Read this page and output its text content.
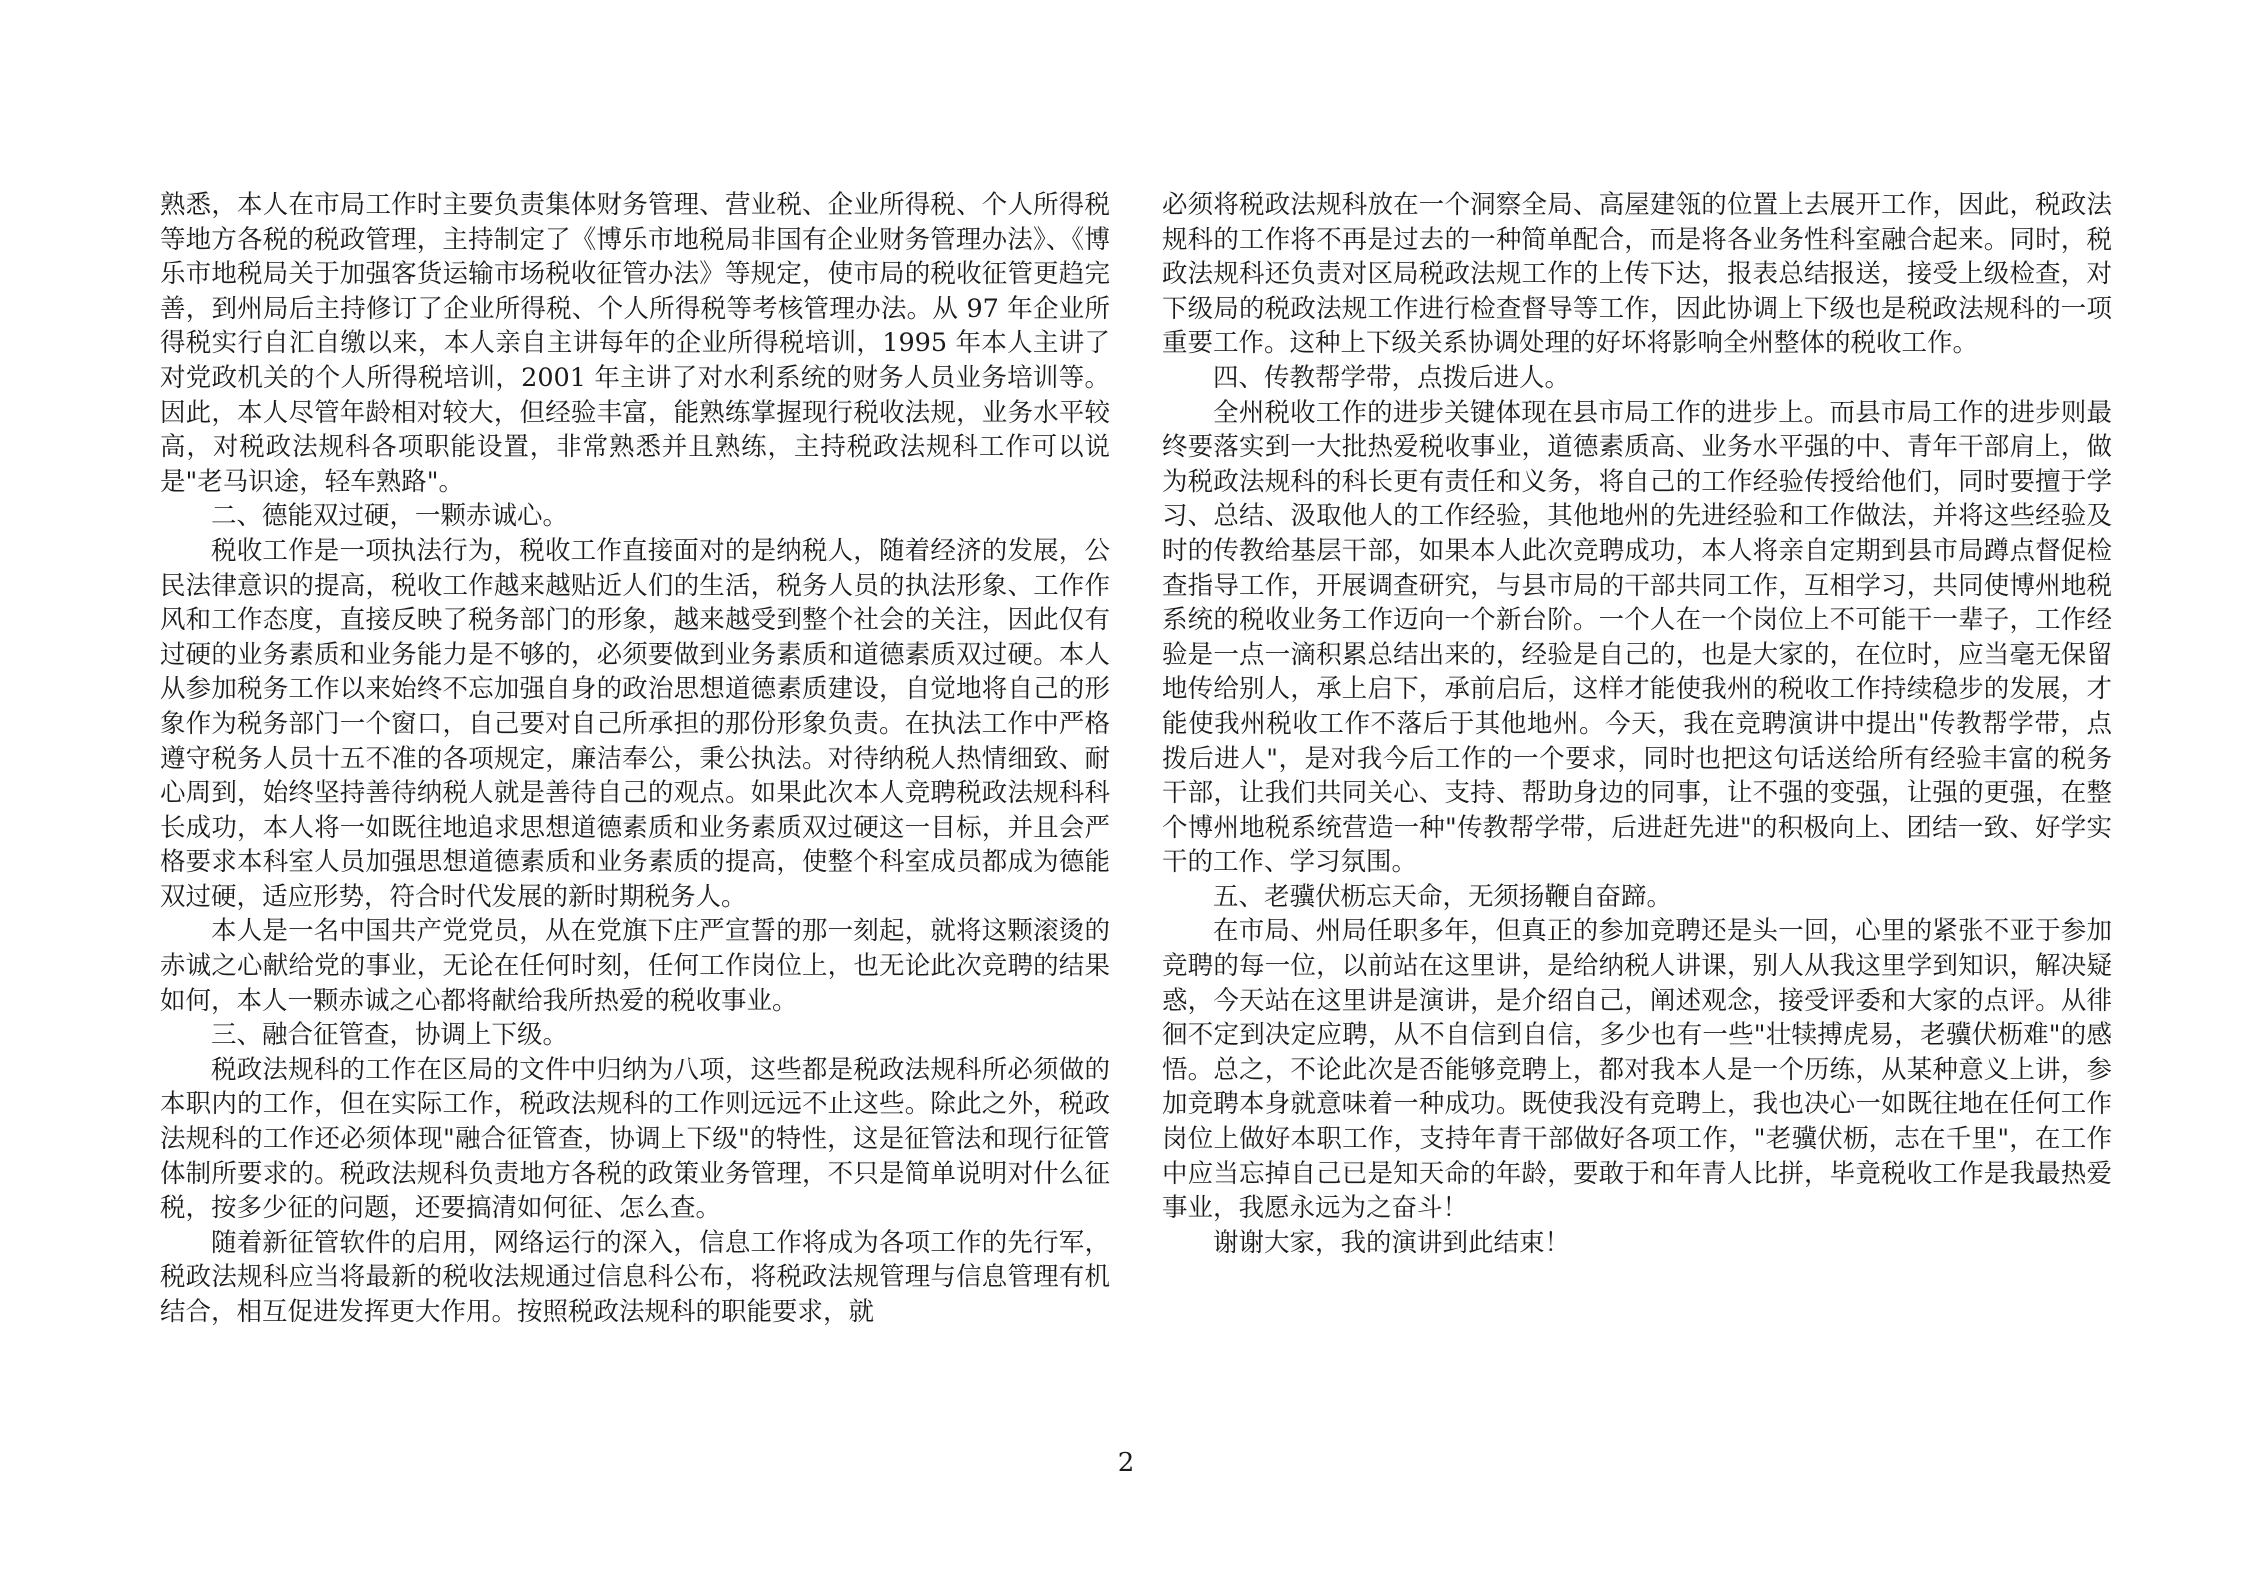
熟悉，本人在市局工作时主要负责集体财务管理、营业税、企业所得税、个人所得税等地方各税的税政管理，主持制定了《博乐市地税局非国有企业财务管理办法》、《博乐市地税局关于加强客货运输市场税收征管办法》等规定，使市局的税收征管更趋完善，到州局后主持修订了企业所得税、个人所得税等考核管理办法。从 97 年企业所得税实行自汇自缴以来，本人亲自主讲每年的企业所得税培训，1995 年本人主讲了对党政机关的个人所得税培训，2001 年主讲了对水利系统的财务人员业务培训等。因此，本人尽管年龄相对较大，但经验丰富，能熟练掌握现行税收法规，业务水平较高，对税政法规科各项职能设置，非常熟悉并且熟练，主持税政法规科工作可以说是"老马识途，轻车熟路"。

二、德能双过硬，一颗赤诚心。

税收工作是一项执法行为，税收工作直接面对的是纳税人，随着经济的发展，公民法律意识的提高，税收工作越来越贴近人们的生活，税务人员的执法形象、工作作风和工作态度，直接反映了税务部门的形象，越来越受到整个社会的关注，因此仅有过硬的业务素质和业务能力是不够的，必须要做到业务素质和道德素质双过硬。本人从参加税务工作以来始终不忘加强自身的政治思想道德素质建设，自觉地将自己的形象作为税务部门一个窗口，自己要对自己所承担的那份形象负责。在执法工作中严格遵守税务人员十五不准的各项规定，廉洁奉公，秉公执法。对待纳税人热情细致、耐心周到，始终坚持善待纳税人就是善待自己的观点。如果此次本人竞聘税政法规科科长成功，本人将一如既往地追求思想道德素质和业务素质双过硬这一目标，并且会严格要求本科室人员加强思想道德素质和业务素质的提高，使整个科室成员都成为德能双过硬，适应形势，符合时代发展的新时期税务人。

本人是一名中国共产党党员，从在党旗下庄严宣誓的那一刻起，就将这颗滚烫的赤诚之心献给党的事业，无论在任何时刻，任何工作岗位上，也无论此次竞聘的结果如何，本人一颗赤诚之心都将献给我所热爱的税收事业。

三、融合征管查，协调上下级。

税政法规科的工作在区局的文件中归纳为八项，这些都是税政法规科所必须做的本职内的工作，但在实际工作，税政法规科的工作则远远不止这些。除此之外，税政法规科的工作还必须体现"融合征管查，协调上下级"的特性，这是征管法和现行征管体制所要求的。税政法规科负责地方各税的政策业务管理，不只是简单说明对什么征税，按多少征的问题，还要搞清如何征、怎么查。

随着新征管软件的启用，网络运行的深入，信息工作将成为各项工作的先行军，税政法规科应当将最新的税收法规通过信息科公布，将税政法规管理与信息管理有机结合，相互促进发挥更大作用。按照税政法规科的职能要求，就

必须将税政法规科放在一个洞察全局、高屋建瓴的位置上去展开工作，因此，税政法规科的工作将不再是过去的一种简单配合，而是将各业务性科室融合起来。同时，税政法规科还负责对区局税政法规工作的上传下达，报表总结报送，接受上级检查，对下级局的税政法规工作进行检查督导等工作，因此协调上下级也是税政法规科的一项重要工作。这种上下级关系协调处理的好坏将影响全州整体的税收工作。

四、传教帮学带，点拨后进人。

全州税收工作的进步关键体现在县市局工作的进步上。而县市局工作的进步则最终要落实到一大批热爱税收事业，道德素质高、业务水平强的中、青年干部肩上，做为税政法规科的科长更有责任和义务，将自己的工作经验传授给他们，同时要擅于学习、总结、汲取他人的工作经验，其他地州的先进经验和工作做法，并将这些经验及时的传教给基层干部，如果本人此次竞聘成功，本人将亲自定期到县市局蹲点督促检查指导工作，开展调查研究，与县市局的干部共同工作，互相学习，共同使博州地税系统的税收业务工作迈向一个新台阶。一个人在一个岗位上不可能干一辈子，工作经验是一点一滴积累总结出来的，经验是自己的，也是大家的，在位时，应当毫无保留地传给别人，承上启下，承前启后，这样才能使我州的税收工作持续稳步的发展，才能使我州税收工作不落后于其他地州。今天，我在竞聘演讲中提出"传教帮学带，点拨后进人"，是对我今后工作的一个要求，同时也把这句话送给所有经验丰富的税务干部，让我们共同关心、支持、帮助身边的同事，让不强的变强，让强的更强，在整个博州地税系统营造一种"传教帮学带，后进赶先进"的积极向上、团结一致、好学实干的工作、学习氛围。

五、老骥伏枥忘天命，无须扬鞭自奋蹄。

在市局、州局任职多年，但真正的参加竞聘还是头一回，心里的紧张不亚于参加竞聘的每一位，以前站在这里讲，是给纳税人讲课，别人从我这里学到知识，解决疑惑，今天站在这里讲是演讲，是介绍自己，阐述观念，接受评委和大家的点评。从徘徊不定到决定应聘，从不自信到自信，多少也有一些"壮犊搏虎易，老骥伏枥难"的感悟。总之，不论此次是否能够竞聘上，都对我本人是一个历练，从某种意义上讲，参加竞聘本身就意味着一种成功。既使我没有竞聘上，我也决心一如既往地在任何工作岗位上做好本职工作，支持年青干部做好各项工作，"老骥伏枥，志在千里"，在工作中应当忘掉自己已是知天命的年龄，要敢于和年青人比拼，毕竟税收工作是我最热爱事业，我愿永远为之奋斗！

谢谢大家，我的演讲到此结束！

2
